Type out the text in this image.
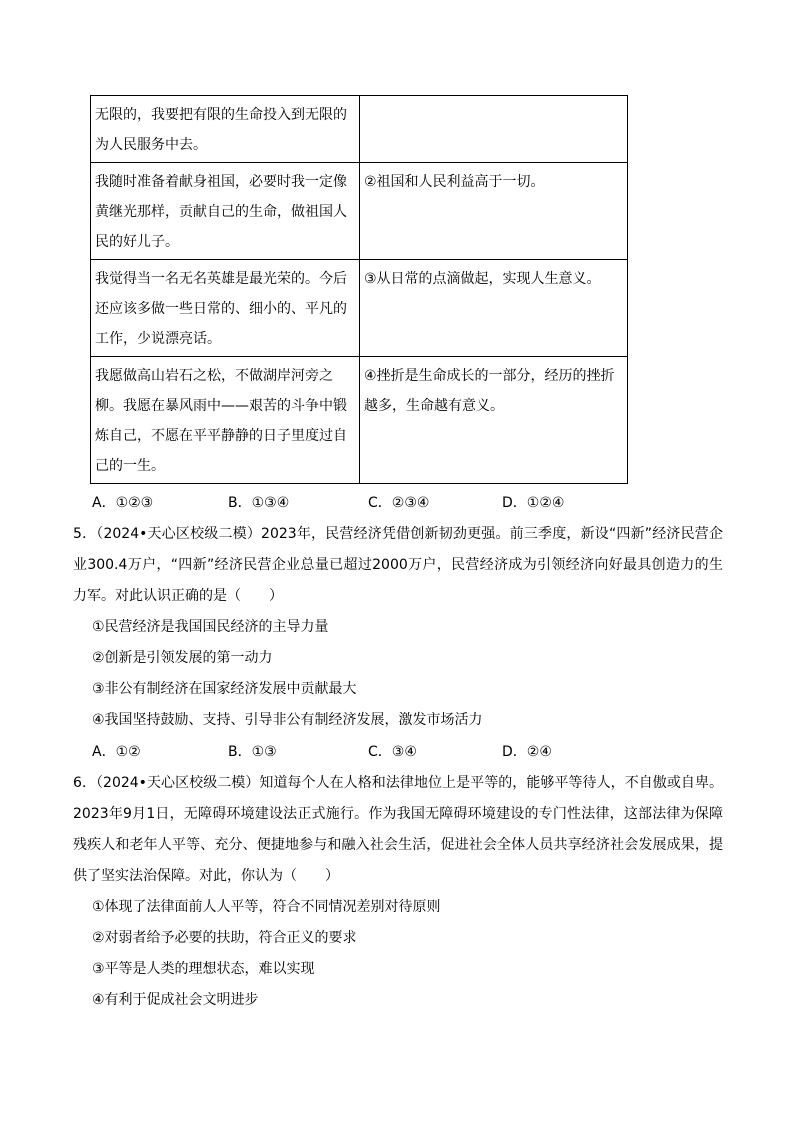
无限的，我要把有限的生命投入到无限的为人民服务中去。	
我随时准备着献身祖国，必要时我一定像黄继光那样，贡献自己的生命，做祖国人民的好儿子。	②祖国和人民利益高于一切。
我觉得当一名无名英雄是最光荣的。今后还应该多做一些日常的、细小的、平凡的工作，少说漂亮话。	③从日常的点滴做起，实现人生意义。
我愿做高山岩石之松，不做湖岸河旁之柳。我愿在暴风雨中——艰苦的斗争中锻炼自己，不愿在平平静静的日子里度过自己的一生。	④挫折是生命成长的一部分，经历的挫折越多，生命越有意义。
A．①②③	B．①③④	C．②③④	D．①②④
5．（2024•天心区校级二模）2023年，民营经济凭借创新韧劲更强。前三季度，新设“四新”经济民营企业300.4万户，“四新”经济民营企业总量已超过2000万户，民营经济成为引领经济向好最具创造力的生力军。对此认识正确的是（　　）
①民营经济是我国国民经济的主导力量
②创新是引领发展的第一动力
③非公有制经济在国家经济发展中贡献最大
④我国坚持鼓励、支持、引导非公有制经济发展，激发市场活力
A．①②	B．①③	C．③④	D．②④
6．（2024•天心区校级二模）知道每个人在人格和法律地位上是平等的，能够平等待人，不自傲或自卑。2023年9月1日，无障碍环境建设法正式施行。作为我国无障碍环境建设的专门性法律，这部法律为保障残疾人和老年人平等、充分、便捷地参与和融入社会生活，促进社会全体人员共享经济社会发展成果，提供了坚实法治保障。对此，你认为（　　）
①体现了法律面前人人平等，符合不同情况差别对待原则
②对弱者给予必要的扶助，符合正义的要求
③平等是人类的理想状态，难以实现
④有利于促成社会文明进步
